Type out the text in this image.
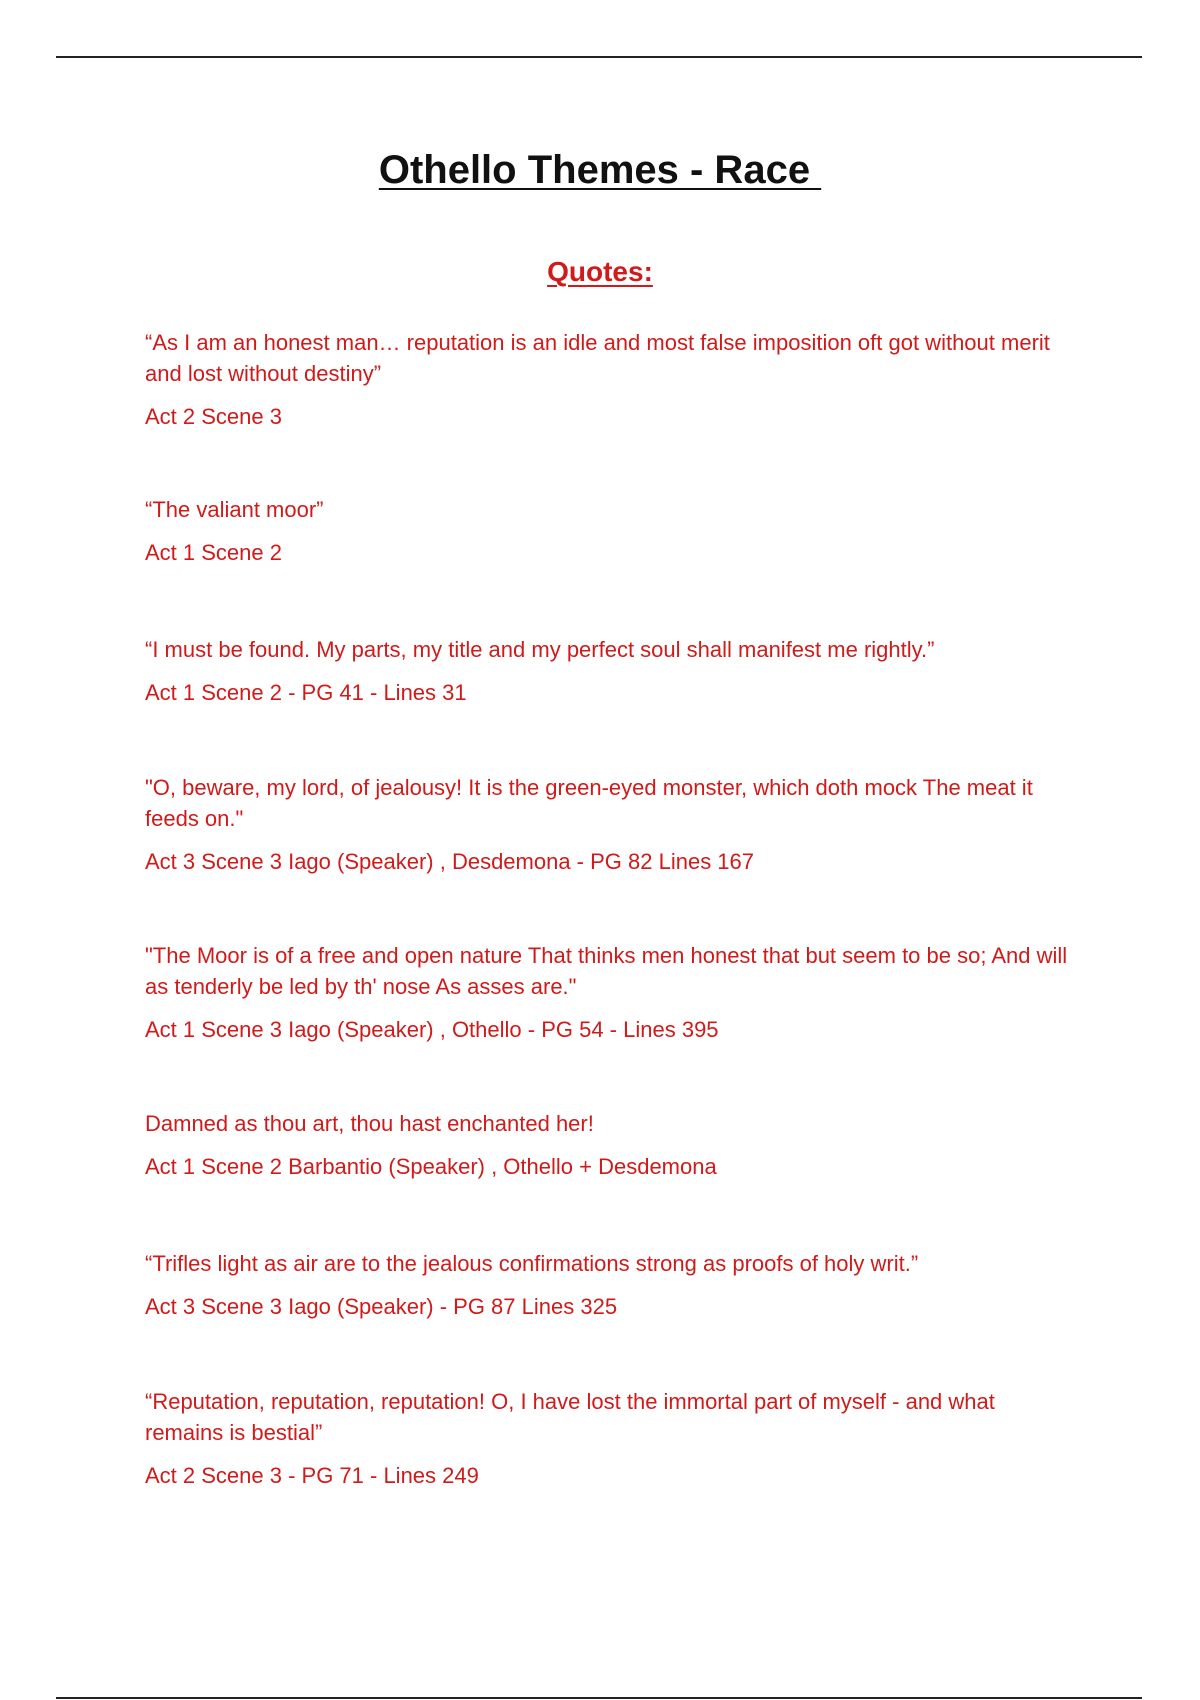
Othello Themes - Race
Quotes:

“As I am an honest man… reputation is an idle and most false imposition oft got without merit and lost without destiny”

Act 2 Scene 3

“The valiant moor”

Act 1 Scene 2

“I must be found. My parts, my title and my perfect soul shall manifest me rightly.”

Act 1 Scene 2 - PG 41 - Lines 31

"O, beware, my lord, of jealousy! It is the green-eyed monster, which doth mock The meat it feeds on."

Act 3 Scene 3 Iago (Speaker) , Desdemona - PG 82 Lines 167

"The Moor is of a free and open nature That thinks men honest that but seem to be so; And will as tenderly be led by th' nose As asses are."

Act 1 Scene 3 Iago (Speaker) , Othello - PG 54 - Lines 395

Damned as thou art, thou hast enchanted her!

Act 1 Scene 2 Barbantio (Speaker) , Othello + Desdemona

“Trifles light as air are to the jealous confirmations strong as proofs of holy writ.”

Act 3 Scene 3 Iago (Speaker) - PG 87 Lines 325

“Reputation, reputation, reputation! O, I have lost the immortal part of myself - and what remains is bestial”

Act 2 Scene 3 - PG 71 - Lines 249
